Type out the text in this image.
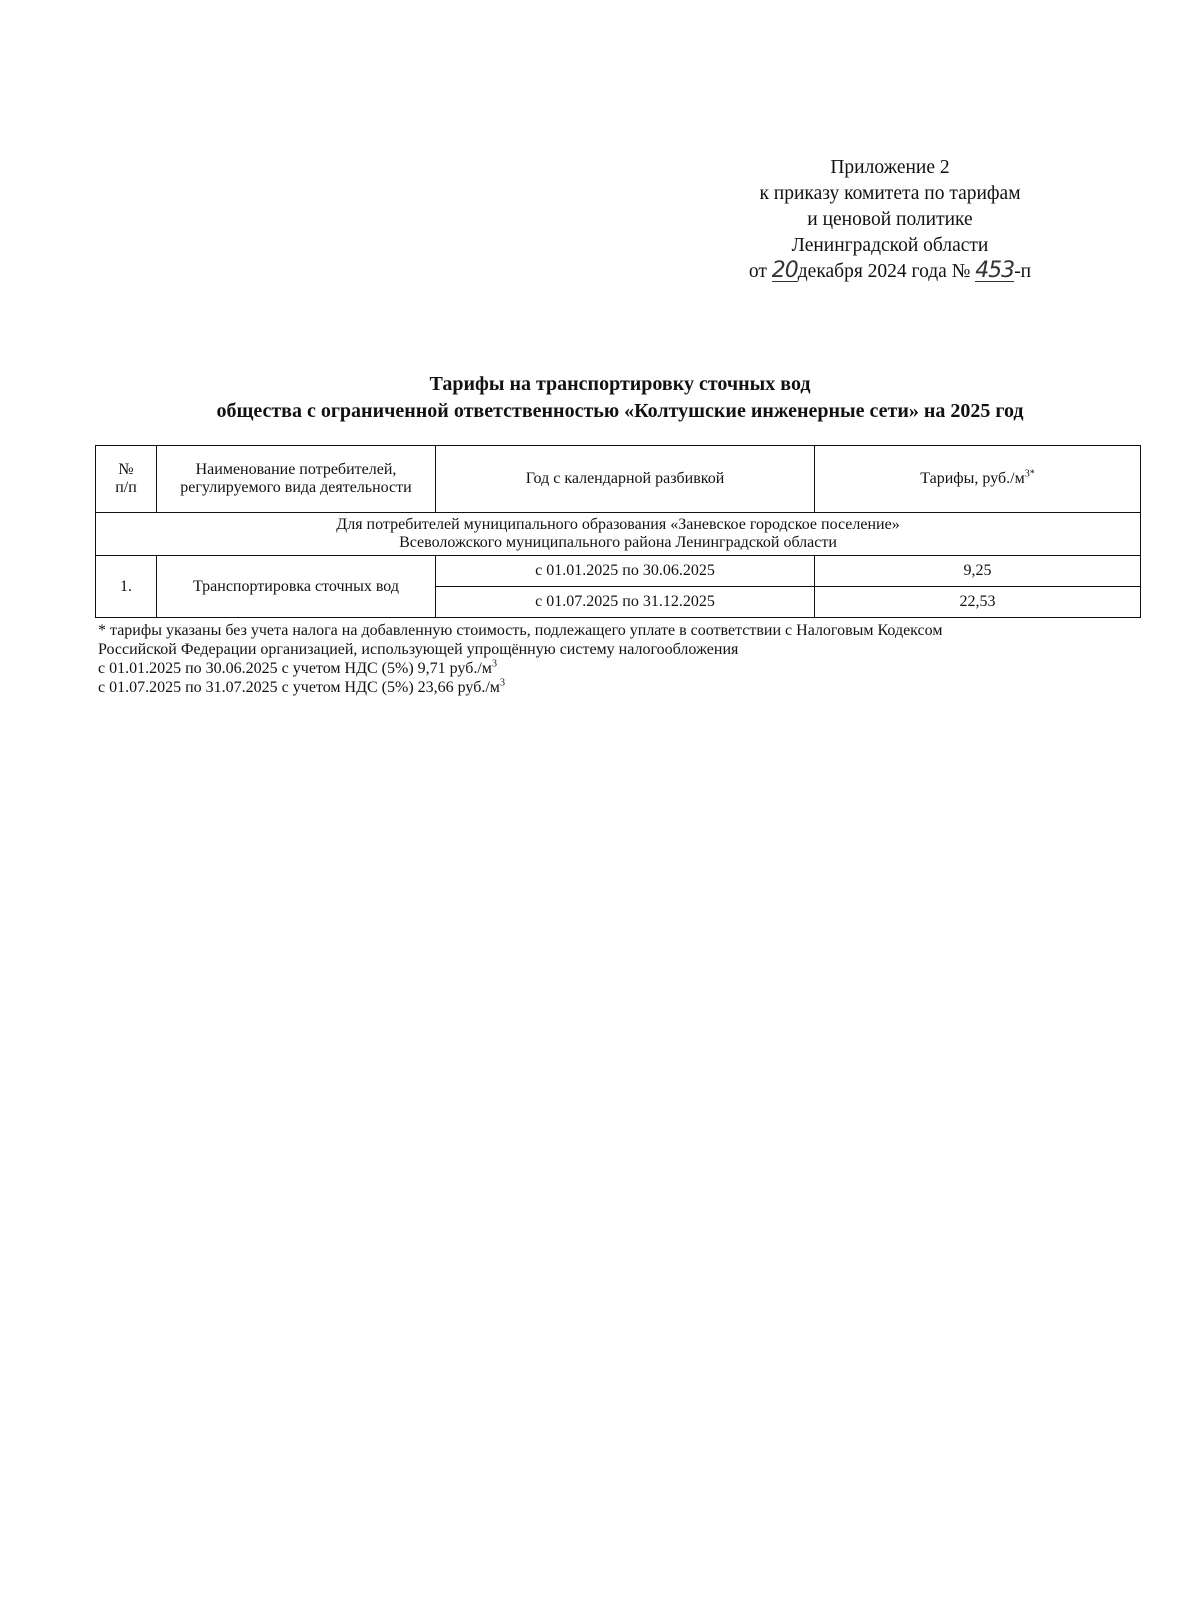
Приложение 2
к приказу комитета по тарифам
и ценовой политике
Ленинградской области
от 20декабря 2024 года № 453-п
Тарифы на транспортировку сточных вод
общества с ограниченной ответственностью «Колтушские инженерные сети» на 2025 год
№
п/п	Наименование потребителей, регулируемого вида деятельности	Год с календарной разбивкой	Тарифы, $руб./м^{3*}$

Для потребителей муниципального образования «Заневское городское поселение»
Всеволожского муниципального района Ленинградской области			

1.	Транспортировка сточных вод	с 01.01.2025 по 30.06.2025	9,25
		с 01.07.2025 по 31.12.2025	22,53
* тарифы указаны без учета налога на добавленную стоимость, подлежащего уплате в соответствии с Налоговым Кодексом
Российской Федерации организацией, использующей упрощённую систему налогообложения
с 01.01.2025 по 30.06.2025 с учетом НДС (5%) 9,71 $руб./м^3$
с 01.07.2025 по 31.07.2025 с учетом НДС (5%) 23,66 $руб./м^3$
